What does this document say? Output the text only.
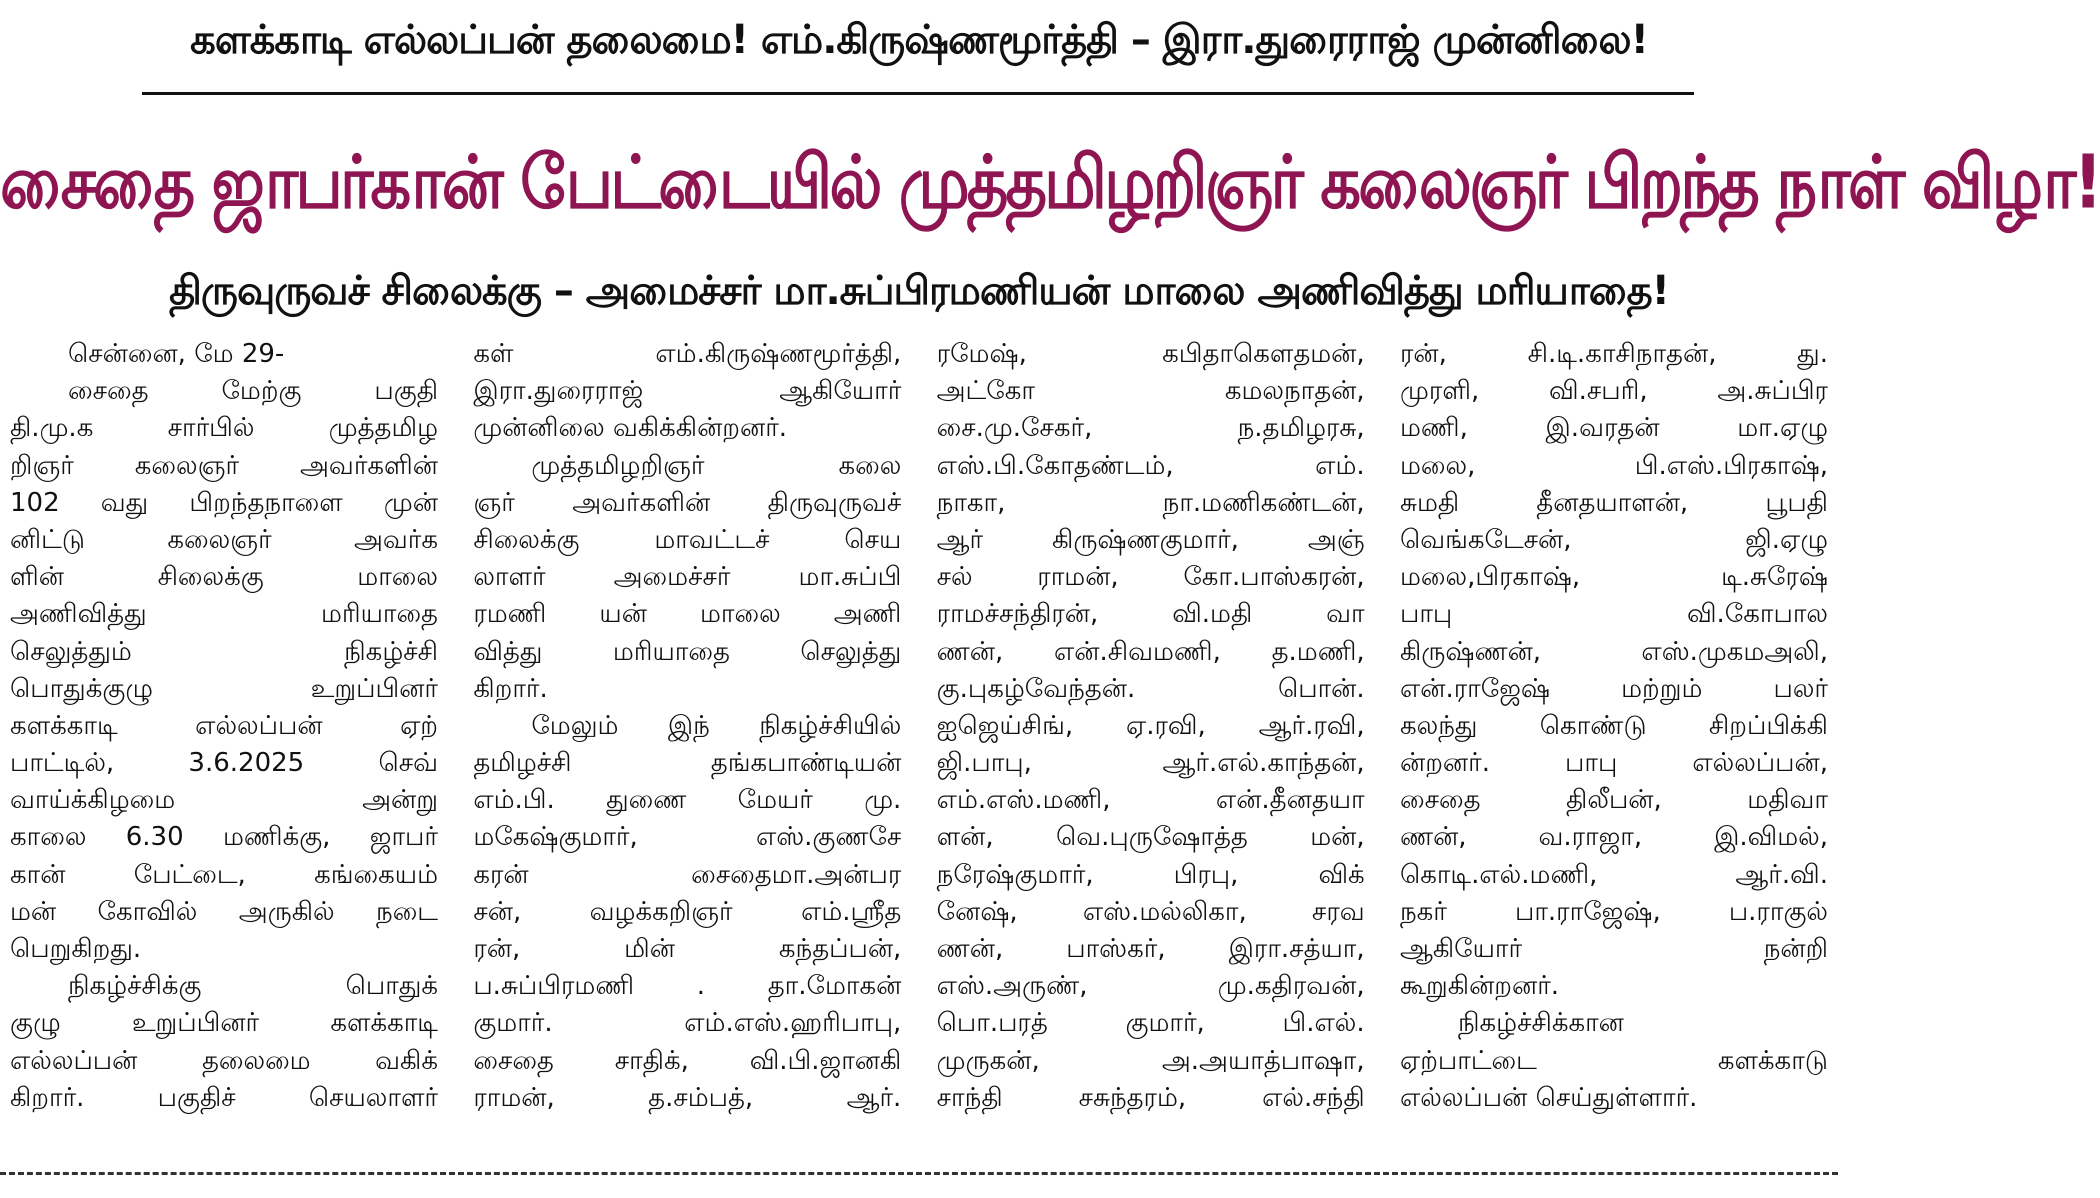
களக்காடி எல்லப்பன் தலைமை! எம்.கிருஷ்ணமூர்த்தி – இரா.துரைராஜ் முன்னிலை!
சைதை ஜாபர்கான் பேட்டையில் முத்தமிழறிஞர் கலைஞர் பிறந்த நாள் விழா!
திருவுருவச் சிலைக்கு – அமைச்சர் மா.சுப்பிரமணியன் மாலை அணிவித்து மரியாதை!
சென்னை, மே 29-
சைதை மேற்கு பகுதி
தி.மு.க சார்பில் முத்தமிழ
றிஞர் கலைஞர் அவர்களின்
102 வது பிறந்தநாளை முன்
னிட்டு கலைஞர் அவர்க
ளின் சிலைக்கு மாலை
அணிவித்து மரியாதை
செலுத்தும் நிகழ்ச்சி
பொதுக்குழு உறுப்பினர்
களக்காடி எல்லப்பன் ஏற்
பாட்டில், 3.6.2025 செவ்
வாய்க்கிழமை அன்று
காலை 6.30 மணிக்கு, ஜாபர்
கான் பேட்டை, கங்கையம்
மன் கோவில் அருகில் நடை
பெறுகிறது.
நிகழ்ச்சிக்கு பொதுக்
குழு உறுப்பினர் களக்காடி
எல்லப்பன் தலைமை வகிக்
கிறார். பகுதிச் செயலாளர்
கள் எம்.கிருஷ்ணமூர்த்தி,
இரா.துரைராஜ் ஆகியோர்
முன்னிலை வகிக்கின்றனர்.
முத்தமிழறிஞர் கலை
ஞர் அவர்களின் திருவுருவச்
சிலைக்கு மாவட்டச் செய
லாளர் அமைச்சர் மா.சுப்பி
ரமணி யன் மாலை அணி
வித்து மரியாதை செலுத்து
கிறார்.
மேலும் இந் நிகழ்ச்சியில்
தமிழச்சி தங்கபாண்டியன்
எம்.பி. துணை மேயர் மு.
மகேஷ்குமார், எஸ்.குணசே
கரன் சைதைமா.அன்பர
சன், வழக்கறிஞர் எம்.ஸ்ரீத
ரன், மின் கந்தப்பன்,
ப.சுப்பிரமணி . தா.மோகன்
குமார். எம்.எஸ்.ஹரிபாபு,
சைதை சாதிக், வி.பி.ஜானகி
ராமன், த.சம்பத், ஆர்.
ரமேஷ், கபிதாகௌதமன்,
அட்கோ கமலநாதன்,
சை.மு.சேகர், ந.தமிழரசு,
எஸ்.பி.கோதண்டம், எம்.
நாகா, நா.மணிகண்டன்,
ஆர் கிருஷ்ணகுமார், அஞ்
சல் ராமன், கோ.பாஸ்கரன்,
ராமச்சந்திரன், வி.மதி வா
ணன், என்.சிவமணி, த.மணி,
கு.புகழ்வேந்தன். பொன்.
ஐஜெய்சிங், ஏ.ரவி, ஆர்.ரவி,
ஜி.பாபு, ஆர்.எல்.காந்தன்,
எம்.எஸ்.மணி, என்.தீனதயா
ளன், வெ.புருஷோத்த மன்,
நரேஷ்குமார், பிரபு, விக்
னேஷ், எஸ்.மல்லிகா, சரவ
ணன், பாஸ்கர், இரா.சத்யா,
எஸ்.அருண், மு.கதிரவன்,
பொ.பரத் குமார், பி.எல்.
முருகன், அ.அயாத்பாஷா,
சாந்தி சசுந்தரம், எல்.சந்தி
ரன், சி.டி.காசிநாதன், து.
முரளி, வி.சபரி, அ.சுப்பிர
மணி, இ.வரதன் மா.ஏழு
மலை, பி.எஸ்.பிரகாஷ்,
சுமதி தீனதயாளன், பூபதி
வெங்கடேசன், ஜி.ஏழு
மலை,பிரகாஷ், டி.சுரேஷ்
பாபு வி.கோபால
கிருஷ்ணன், எஸ்.முகமஅலி,
என்.ராஜேஷ் மற்றும் பலர்
கலந்து கொண்டு சிறப்பிக்கி
ன்றனர். பாபு எல்லப்பன்,
சைதை திலீபன், மதிவா
ணன், வ.ராஜா, இ.விமல்,
கொடி.எல்.மணி, ஆர்.வி.
நகர் பா.ராஜேஷ், ப.ராகுல்
ஆகியோர் நன்றி
கூறுகின்றனர்.
நிகழ்ச்சிக்கான
ஏற்பாட்டை களக்காடு
எல்லப்பன் செய்துள்ளார்.
